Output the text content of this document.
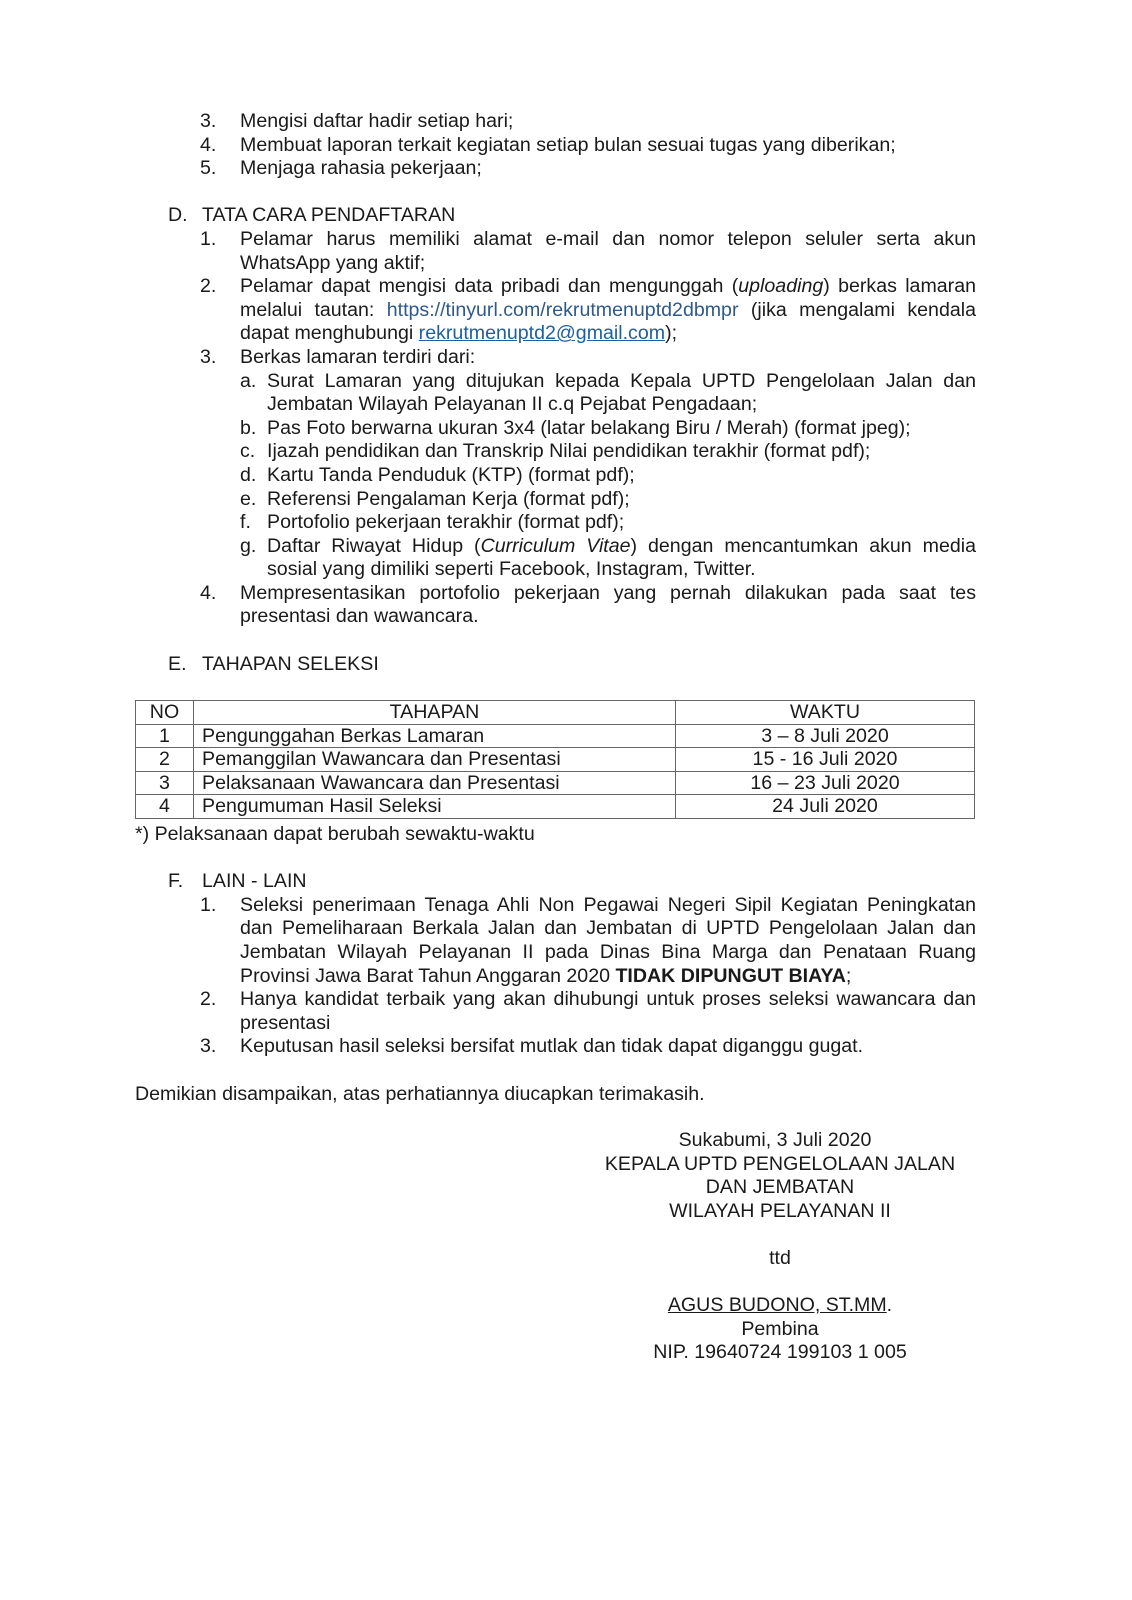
3. Mengisi daftar hadir setiap hari;
4. Membuat laporan terkait kegiatan setiap bulan sesuai tugas yang diberikan;
5. Menjaga rahasia pekerjaan;
D. TATA CARA PENDAFTARAN
1. Pelamar harus memiliki alamat e-mail dan nomor telepon seluler serta akun WhatsApp yang aktif;
2. Pelamar dapat mengisi data pribadi dan mengunggah (uploading) berkas lamaran melalui tautan: https://tinyurl.com/rekrutmenuptd2dbmpr (jika mengalami kendala dapat menghubungi rekrutmenuptd2@gmail.com);
3. Berkas lamaran terdiri dari:
a. Surat Lamaran yang ditujukan kepada Kepala UPTD Pengelolaan Jalan dan Jembatan Wilayah Pelayanan II c.q Pejabat Pengadaan;
b. Pas Foto berwarna ukuran 3x4 (latar belakang Biru / Merah) (format jpeg);
c. Ijazah pendidikan dan Transkrip Nilai pendidikan terakhir (format pdf);
d. Kartu Tanda Penduduk (KTP) (format pdf);
e. Referensi Pengalaman Kerja (format pdf);
f. Portofolio pekerjaan terakhir (format pdf);
g. Daftar Riwayat Hidup (Curriculum Vitae) dengan mencantumkan akun media sosial yang dimiliki seperti Facebook, Instagram, Twitter.
4. Mempresentasikan portofolio pekerjaan yang pernah dilakukan pada saat tes presentasi dan wawancara.
E. TAHAPAN SELEKSI
NO	TAHAPAN	WAKTU
1	Pengunggahan Berkas Lamaran	3 – 8 Juli 2020
2	Pemanggilan Wawancara dan Presentasi	15 - 16 Juli 2020
3	Pelaksanaan Wawancara dan Presentasi	16 – 23 Juli 2020
4	Pengumuman Hasil Seleksi	24 Juli 2020
*) Pelaksanaan dapat berubah sewaktu-waktu
F. LAIN - LAIN
1. Seleksi penerimaan Tenaga Ahli Non Pegawai Negeri Sipil Kegiatan Peningkatan dan Pemeliharaan Berkala Jalan dan Jembatan di UPTD Pengelolaan Jalan dan Jembatan Wilayah Pelayanan II pada Dinas Bina Marga dan Penataan Ruang Provinsi Jawa Barat Tahun Anggaran 2020 TIDAK DIPUNGUT BIAYA;
2. Hanya kandidat terbaik yang akan dihubungi untuk proses seleksi wawancara dan presentasi
3. Keputusan hasil seleksi bersifat mutlak dan tidak dapat diganggu gugat.
Demikian disampaikan, atas perhatiannya diucapkan terimakasih.
Sukabumi, 3 Juli 2020
KEPALA UPTD PENGELOLAAN JALAN
DAN JEMBATAN
WILAYAH PELAYANAN II
ttd
AGUS BUDONO, ST.MM.
Pembina
NIP. 19640724 199103 1 005
